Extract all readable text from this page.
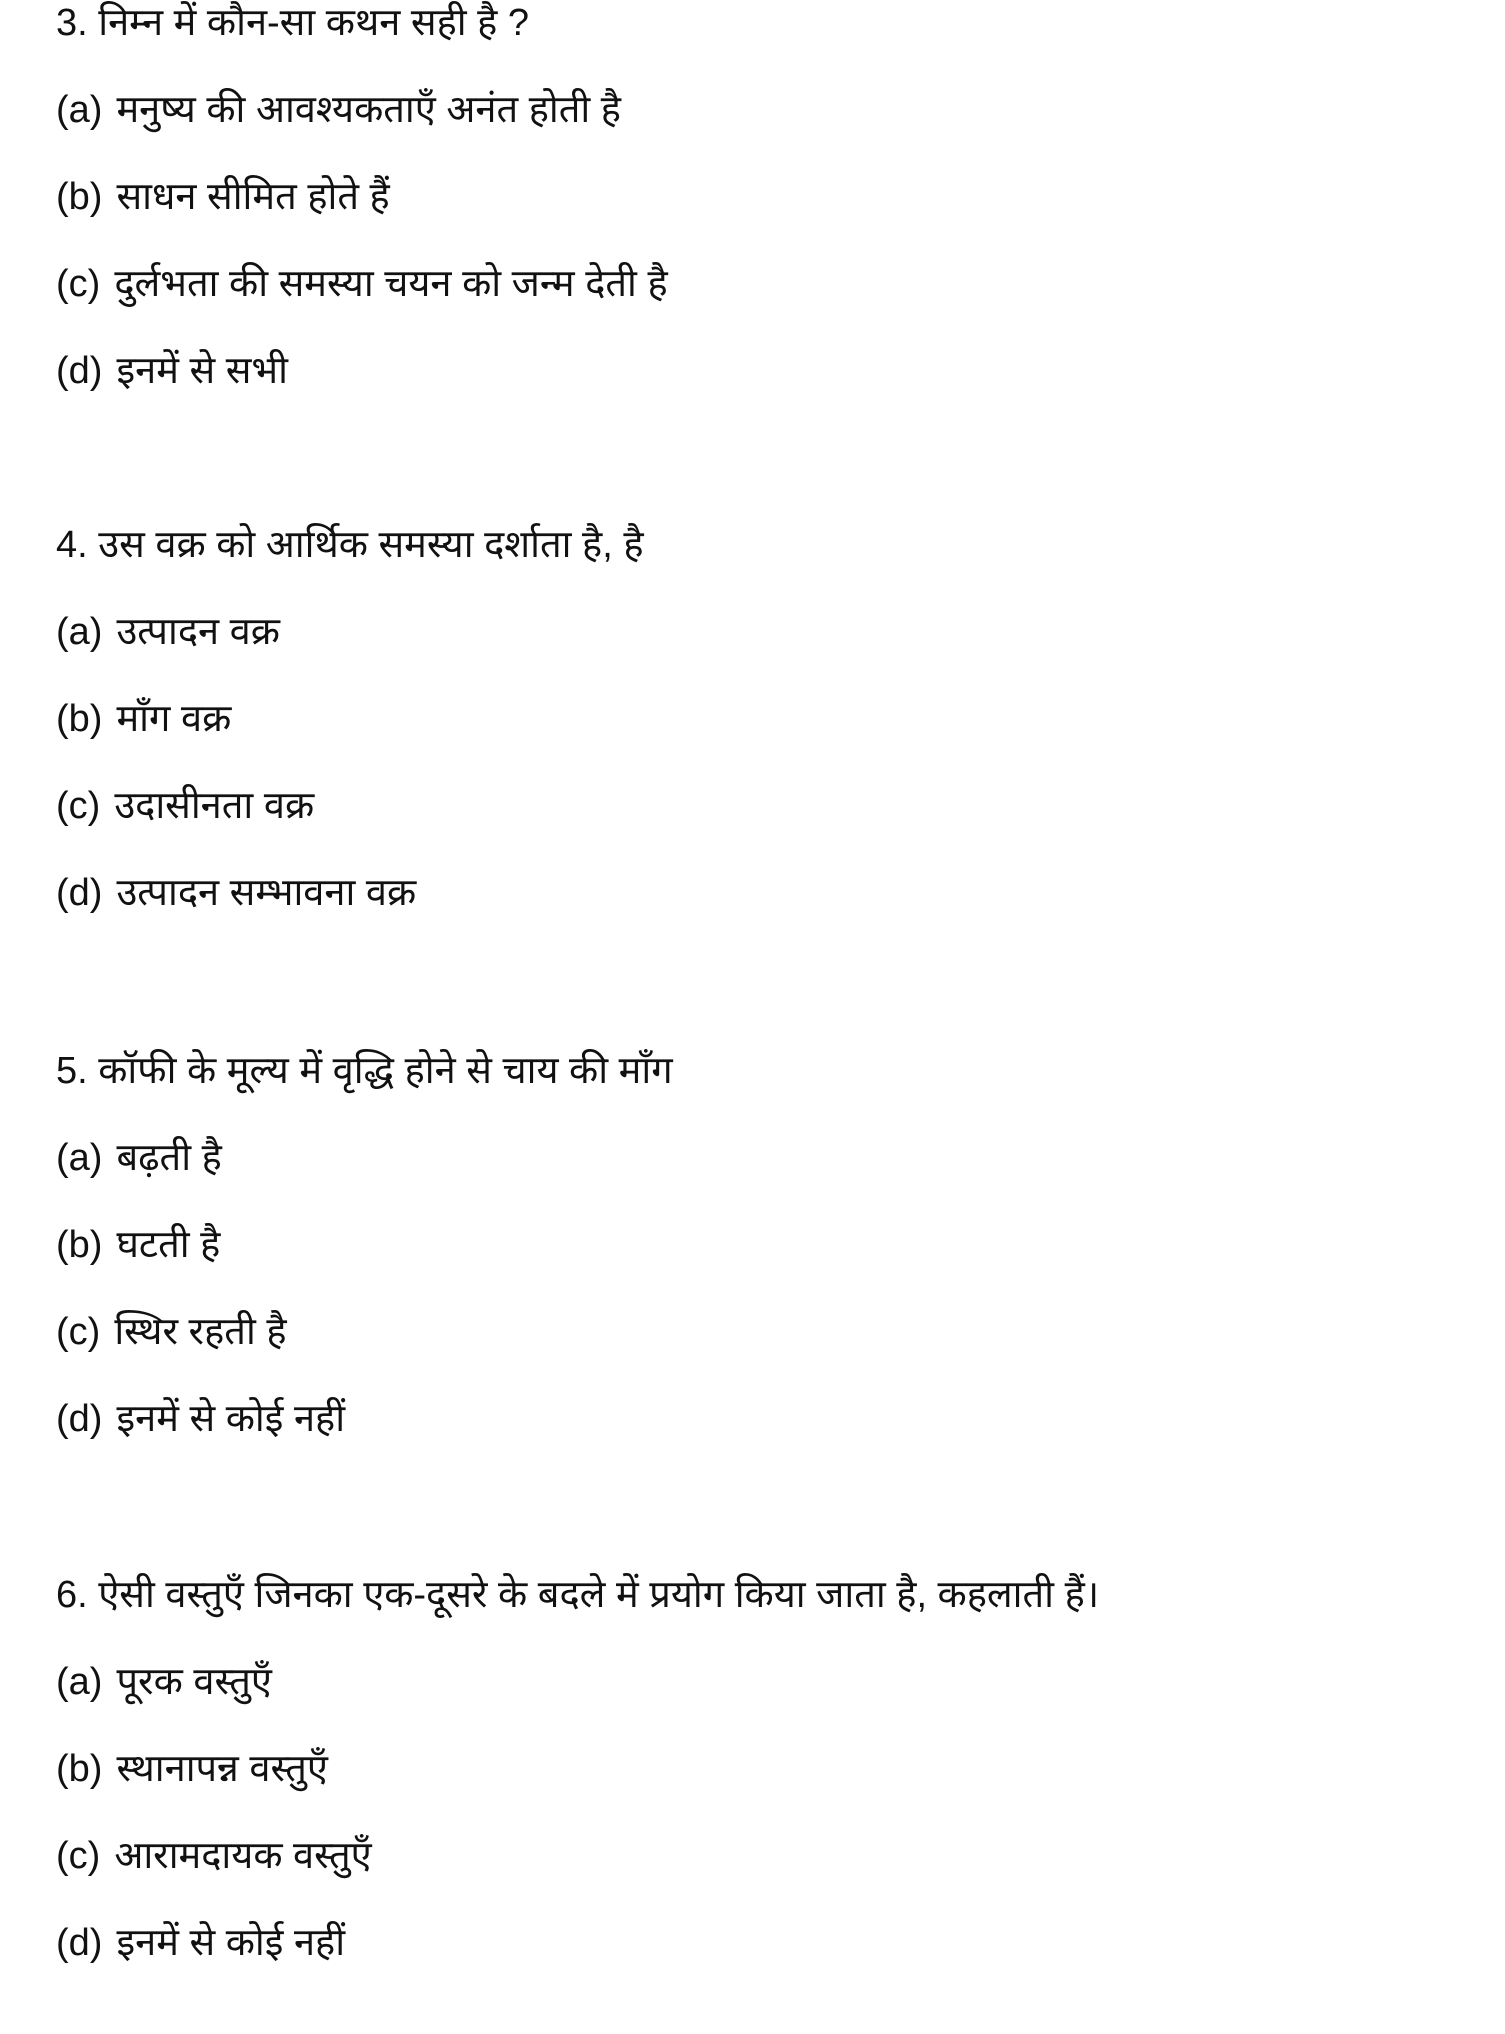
3. निम्न में कौन-सा कथन सही है ?
(a) मनुष्य की आवश्यकताएँ अनंत होती है
(b) साधन सीमित होते हैं
(c) दुर्लभता की समस्या चयन को जन्म देती है
(d) इनमें से सभी
4. उस वक्र को आर्थिक समस्या दर्शाता है, है
(a) उत्पादन वक्र
(b) माँग वक्र
(c) उदासीनता वक्र
(d) उत्पादन सम्भावना वक्र
5. कॉफी के मूल्य में वृद्धि होने से चाय की माँग
(a) बढ़ती है
(b) घटती है
(c) स्थिर रहती है
(d) इनमें से कोई नहीं
6. ऐसी वस्तुएँ जिनका एक-दूसरे के बदले में प्रयोग किया जाता है, कहलाती हैं।
(a) पूरक वस्तुएँ
(b) स्थानापन्न वस्तुएँ
(c) आरामदायक वस्तुएँ
(d) इनमें से कोई नहीं
